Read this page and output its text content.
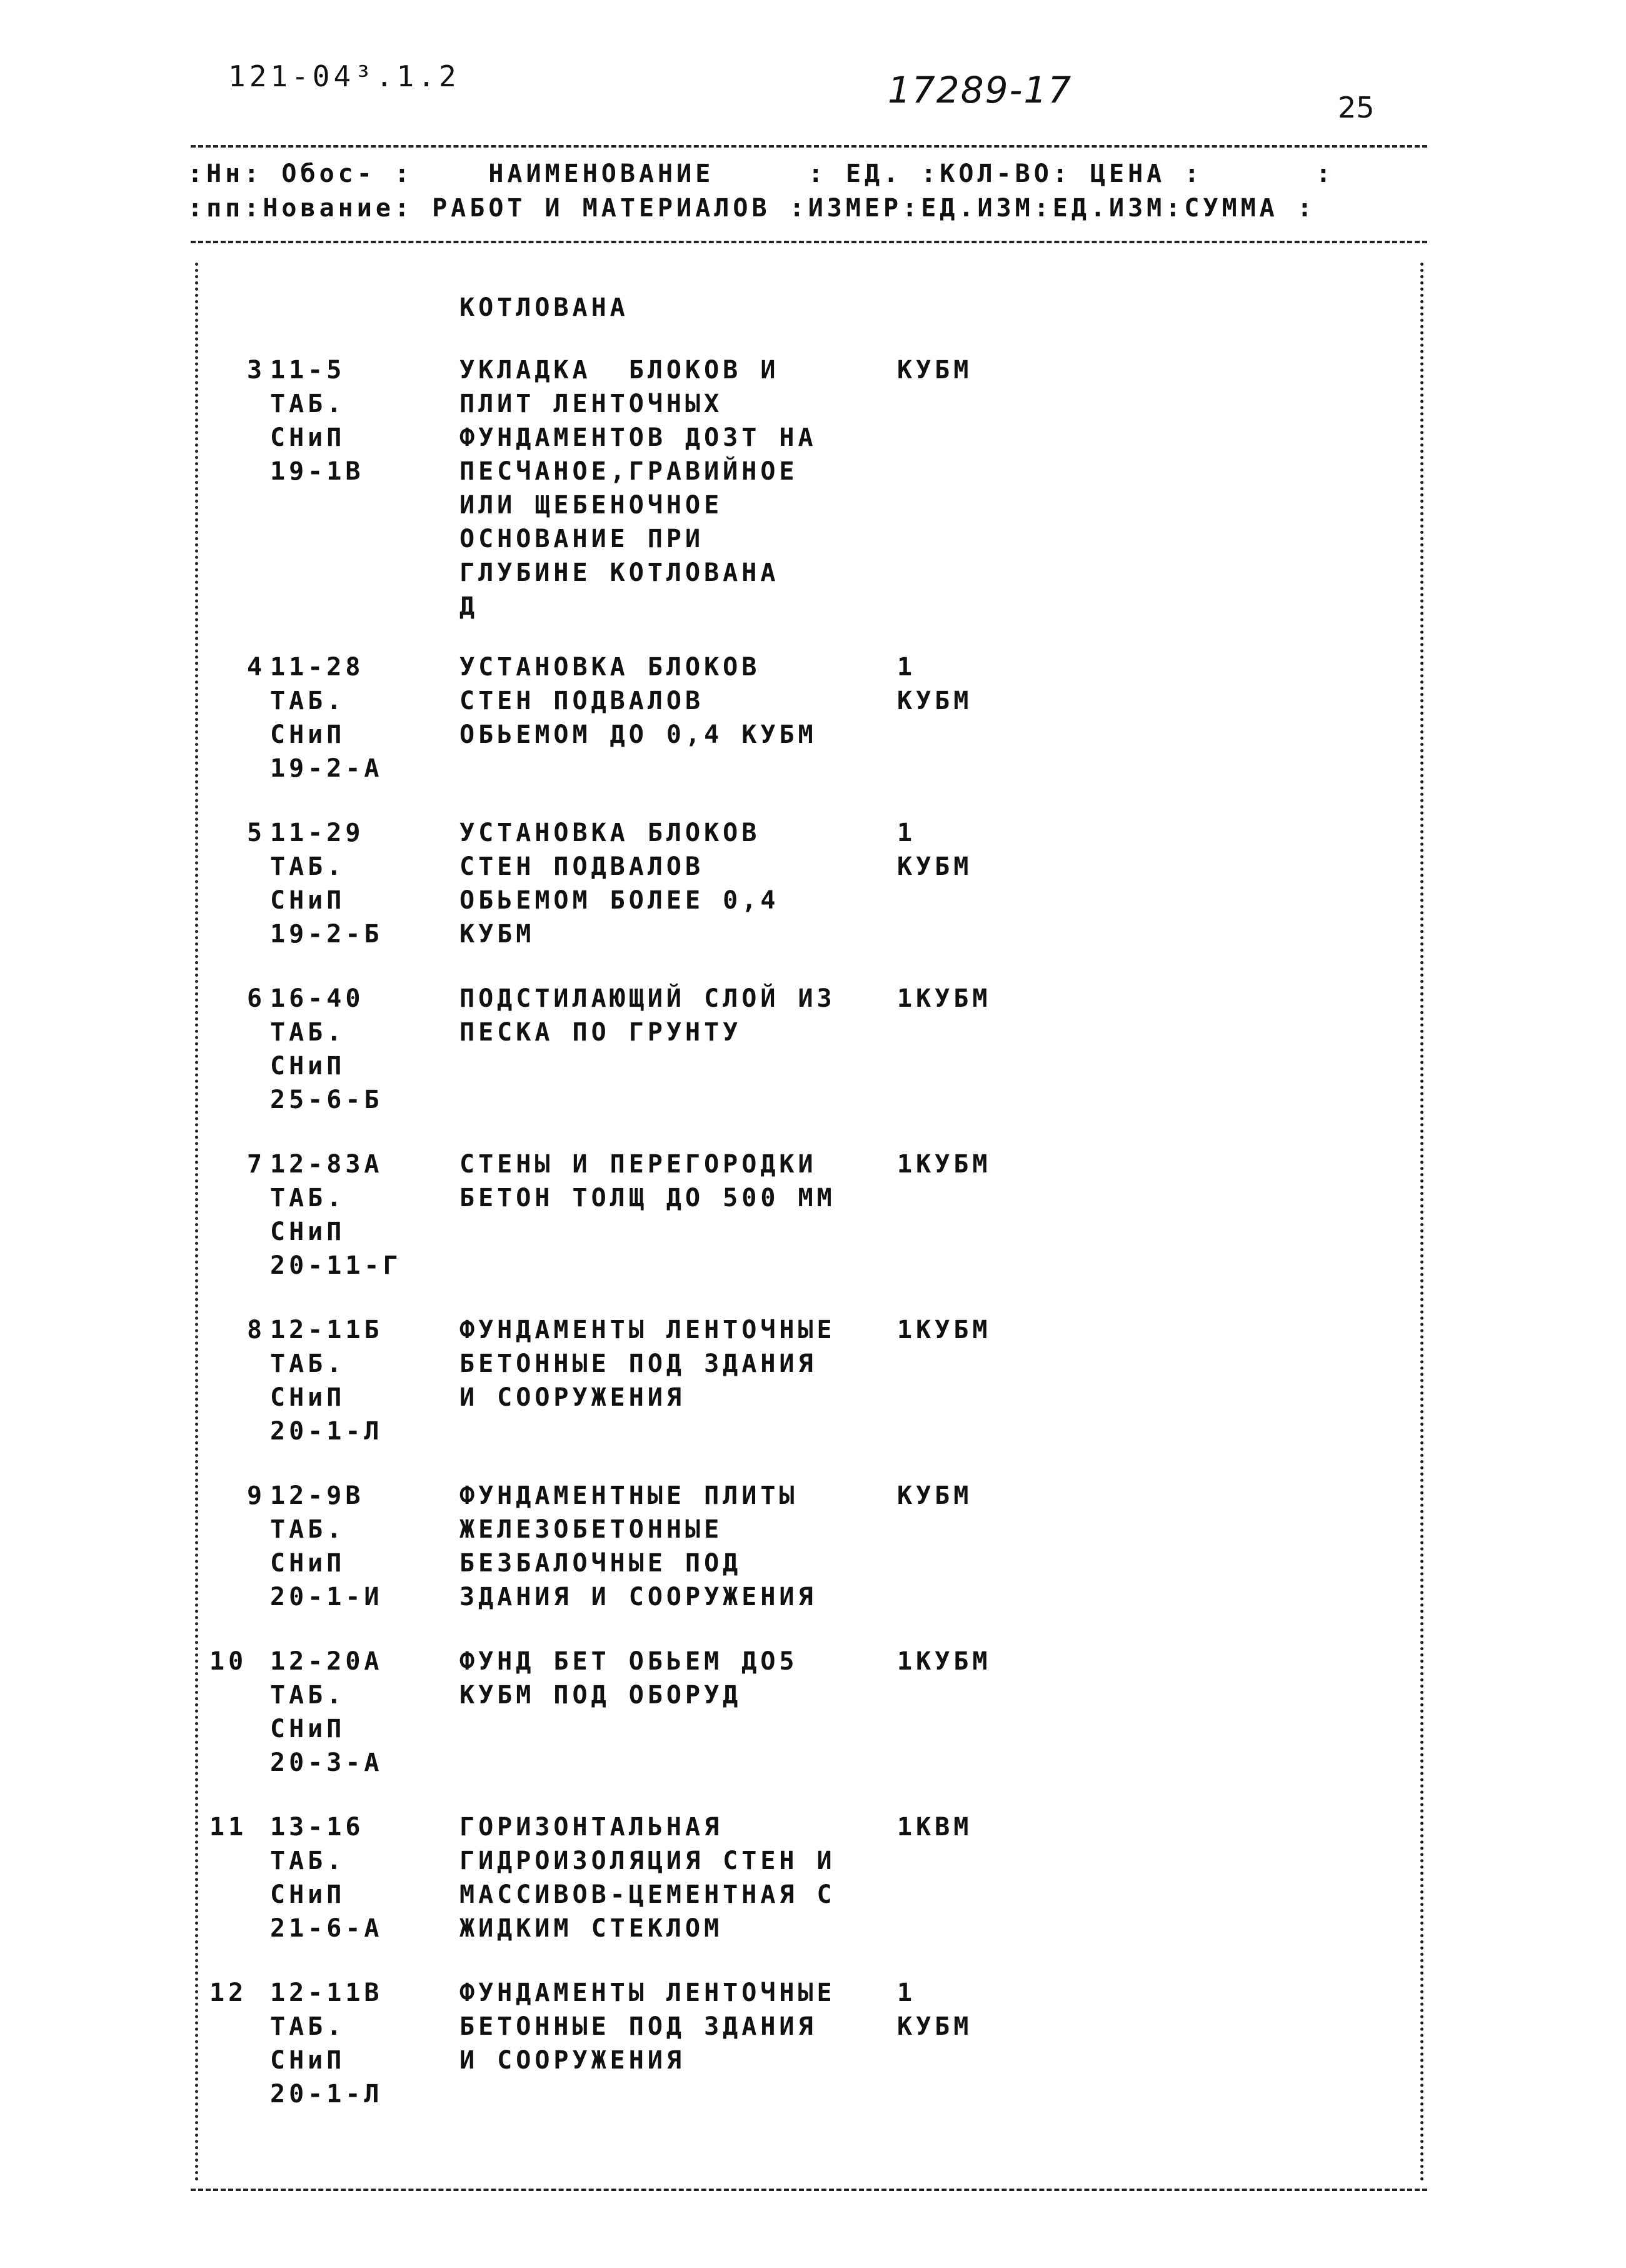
121-04³.1.2	17289-17	25
:Нн: Обос- :    НАИМЕНОВАНИЕ     : ЕД. :КОЛ-ВО: ЦЕНА :      :
:пп:Нование: РАБОТ И МАТЕРИАЛОВ :ИЗМЕР:ЕД.ИЗМ:ЕД.ИЗМ:СУММА :
КОТЛОВАНА
3 11-5
ТАБ.
СНиП
19-1В
УКЛАДКА  БЛОКОВ И
ПЛИТ ЛЕНТОЧНЫХ
ФУНДАМЕНТОВ ДОЗТ НА
ПЕСЧАНОЕ,ГРАВИЙНОЕ
ИЛИ ЩЕБЕНОЧНОЕ
ОСНОВАНИЕ ПРИ
ГЛУБИНЕ КОТЛОВАНА
Д
КУБМ
4 11-28
ТАБ.
СНиП
19-2-А
УСТАНОВКА БЛОКОВ
СТЕН ПОДВАЛОВ
ОБЬЕМОМ ДО 0,4 КУБМ
1
КУБМ
5 11-29
ТАБ.
СНиП
19-2-Б
УСТАНОВКА БЛОКОВ
СТЕН ПОДВАЛОВ
ОБЬЕМОМ БОЛЕЕ 0,4
КУБМ
1
КУБМ
6 16-40
ТАБ.
СНиП
25-6-Б
ПОДСТИЛАЮЩИЙ СЛОЙ ИЗ
ПЕСКА ПО ГРУНТУ
1КУБМ
7 12-83А
ТАБ.
СНиП
20-11-Г
СТЕНЫ И ПЕРЕГОРОДКИ
БЕТОН ТОЛЩ ДО 500 ММ
1КУБМ
8 12-11Б
ТАБ.
СНиП
20-1-Л
ФУНДАМЕНТЫ ЛЕНТОЧНЫЕ
БЕТОННЫЕ ПОД ЗДАНИЯ
И СООРУЖЕНИЯ
1КУБМ
9 12-9В
ТАБ.
СНиП
20-1-И
ФУНДАМЕНТНЫЕ ПЛИТЫ
ЖЕЛЕЗОБЕТОННЫЕ
БЕЗБАЛОЧНЫЕ ПОД
ЗДАНИЯ И СООРУЖЕНИЯ
КУБМ
10 12-20А
ТАБ.
СНиП
20-3-А
ФУНД БЕТ ОБЬЕМ ДО5
КУБМ ПОД ОБОРУД
1КУБМ
11 13-16
ТАБ.
СНиП
21-6-А
ГОРИЗОНТАЛЬНАЯ
ГИДРОИЗОЛЯЦИЯ СТЕН И
МАССИВОВ-ЦЕМЕНТНАЯ С
ЖИДКИМ СТЕКЛОМ
1КВМ
12 12-11В
ТАБ.
СНиП
20-1-Л
ФУНДАМЕНТЫ ЛЕНТОЧНЫЕ
БЕТОННЫЕ ПОД ЗДАНИЯ
И СООРУЖЕНИЯ
1
КУБМ
